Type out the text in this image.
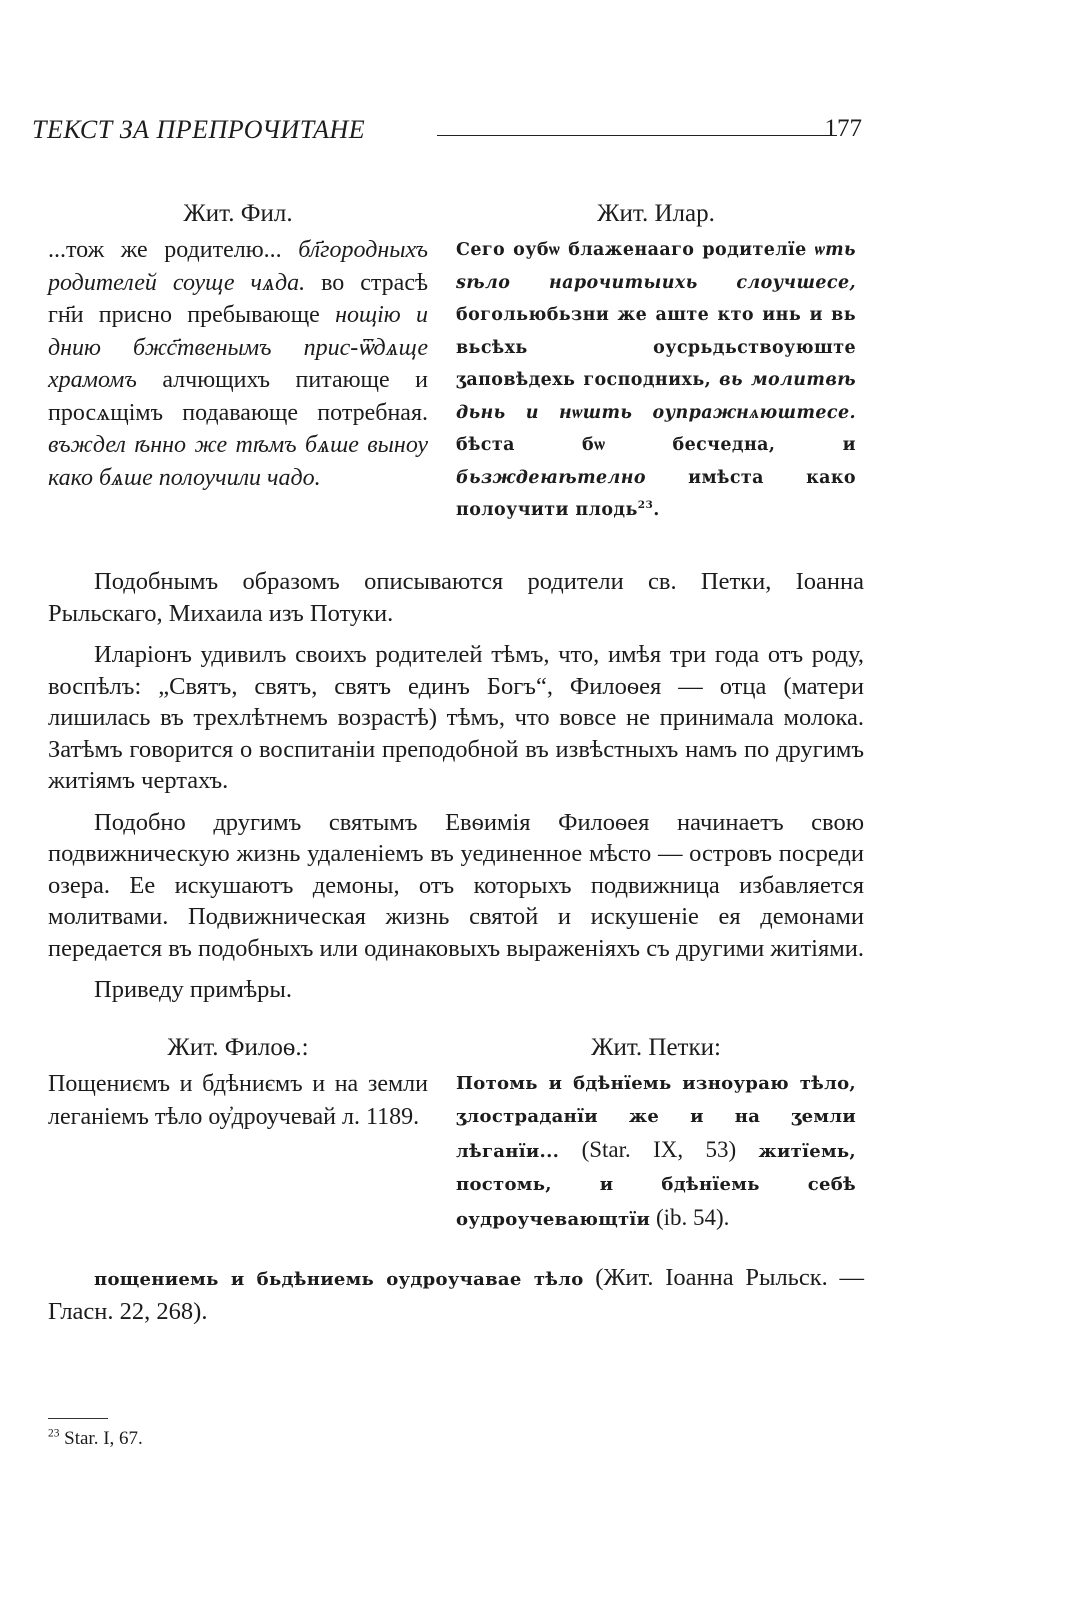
ТЕКСТ ЗА ПРЕПРОЧИТАНЕ	177
Жит. Фил.
...тож же родителю... бл҃городныхъ родителей соуще чѧда. во страсѣ гн҃и присно пребывающе нощію и днию бжс҃твенымъ прис-ѿдѧще храмомъ алчющихъ питающе и просѧщімъ подавающе потребная. въждел ѣнно же тѣмъ бѧше выноу како бѧше полоучили чадо.
Жит. Илар.
Сего оубѡ блаженааго родителїе ѡть ѕѣло нарочитыихь слоучшесе, богольюбьзни же аште кто инь и вь вьсѣхь оусрьдьствоуюште ӡаповѣдехь господнихь, вь молитвѣ дьнь и нѡшть оупражнѧюштесе. бѣста бѡ бесчедна, и бьзждеꙗѣтелно имѣста како полоучити плодь$^{23}$.

Подобнымъ образомъ описываются родители св. Петки, Іоанна Рыльскаго, Михаила изъ Потуки.

Иларіонъ удивилъ своихъ родителей тѣмъ, что, имѣя три года отъ роду, воспѣлъ: „Святъ, святъ, святъ единъ Богъ“, Филоѳея — отца (матери лишилась въ трехлѣтнемъ возрастѣ) тѣмъ, что вовсе не принимала молока. Затѣмъ говорится о воспитаніи преподобной въ извѣстныхъ намъ по другимъ житіямъ чертахъ.

Подобно другимъ святымъ Евѳимія Филоѳея начинаетъ свою подвижническую жизнь удаленіемъ въ уединенное мѣсто — островъ посреди озера. Ее искушаютъ демоны, отъ которыхъ подвижница избавляется молитвами. Подвижническая жизнь святой и искушеніе ея демонами передается въ подобныхъ или одинаковыхъ выраженіяхъ съ другими житіями.

Приведу примѣры.

Жит. Филоѳ.:
Пощениємъ и бдѣниємъ и на земли леганіемъ тѣло оу҆дроучевай л. 1189.
Жит. Петки:
Потомь и бдѣнїемь изноураю тѣло, ӡлостраданїи же и на ӡемли лѣганїи... (Star. IX, 53) житїемь, постомь, и бдѣнїемь себѣ оудроучевающтїи (ib. 54).

пощениемь и бьдѣниемь оудроучавае тѣло (Жит. Іоанна Рыльск. — Гласн. 22, 268).

$^{23}$ Star. I, 67.
